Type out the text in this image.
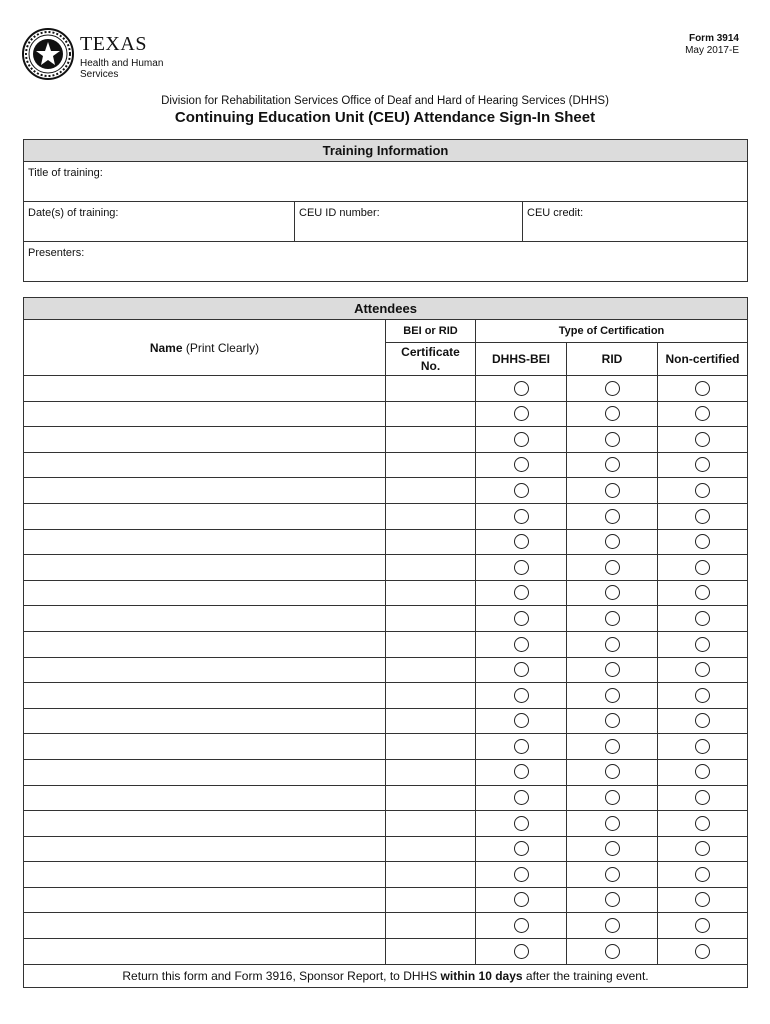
TEXAS
Health and Human
Services
Form 3914
May 2017-E
Division for Rehabilitation Services Office of Deaf and Hard of Hearing Services (DHHS)
Continuing Education Unit (CEU) Attendance Sign-In Sheet
Training Information
Title of training:
Date(s) of training:	CEU ID number:	CEU credit:
Presenters:
Attendees				
Name (Print Clearly)	BEI or RID	Type of Certification		
	Certificate No.	DHHS-BEI	RID	Non-certified

Return this form and Form 3916, Sponsor Report, to DHHS within 10 days after the training event.				
